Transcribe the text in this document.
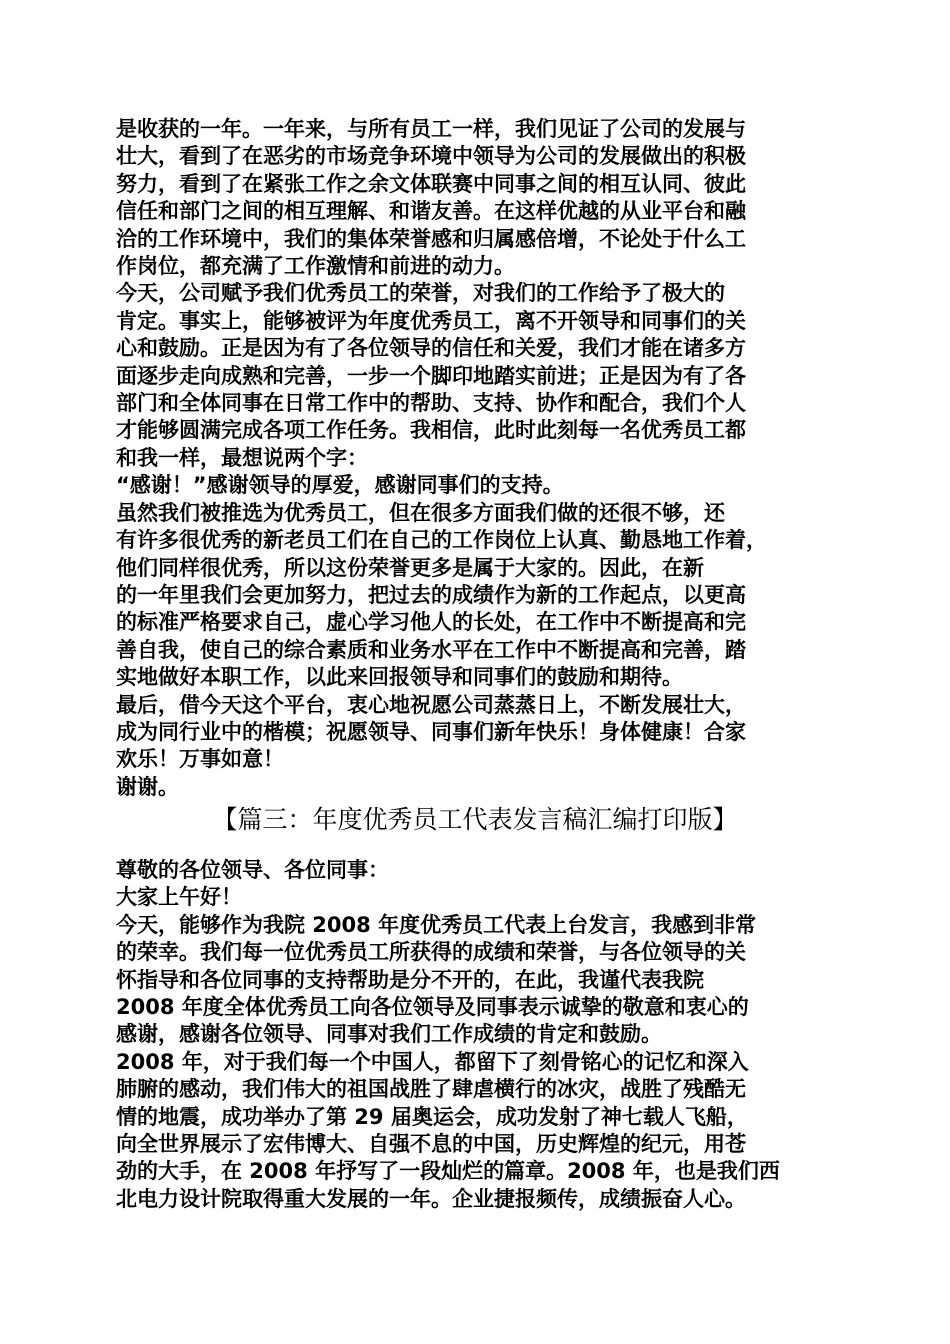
是收获的一年。一年来，与所有员工一样，我们见证了公司的发展与
壮大，看到了在恶劣的市场竞争环境中领导为公司的发展做出的积极
努力，看到了在紧张工作之余文体联赛中同事之间的相互认同、彼此
信任和部门之间的相互理解、和谐友善。在这样优越的从业平台和融
洽的工作环境中，我们的集体荣誉感和归属感倍增，不论处于什么工
作岗位，都充满了工作激情和前进的动力。
今天，公司赋予我们优秀员工的荣誉，对我们的工作给予了极大的
肯定。事实上，能够被评为年度优秀员工，离不开领导和同事们的关
心和鼓励。正是因为有了各位领导的信任和关爱，我们才能在诸多方
面逐步走向成熟和完善，一步一个脚印地踏实前进；正是因为有了各
部门和全体同事在日常工作中的帮助、支持、协作和配合，我们个人
才能够圆满完成各项工作任务。我相信，此时此刻每一名优秀员工都
和我一样，最想说两个字：
“感谢！”感谢领导的厚爱，感谢同事们的支持。
虽然我们被推选为优秀员工，但在很多方面我们做的还很不够，还
有许多很优秀的新老员工们在自己的工作岗位上认真、勤恳地工作着，
他们同样很优秀，所以这份荣誉更多是属于大家的。因此，在新
的一年里我们会更加努力，把过去的成绩作为新的工作起点，以更高
的标准严格要求自己，虚心学习他人的长处，在工作中不断提高和完
善自我，使自己的综合素质和业务水平在工作中不断提高和完善，踏
实地做好本职工作，以此来回报领导和同事们的鼓励和期待。
最后，借今天这个平台，衷心地祝愿公司蒸蒸日上，不断发展壮大，
成为同行业中的楷模；祝愿领导、同事们新年快乐！身体健康！合家
欢乐！万事如意！
谢谢。
【篇三：年度优秀员工代表发言稿汇编打印版】
尊敬的各位领导、各位同事：
大家上午好！
今天，能够作为我院 2008 年度优秀员工代表上台发言，我感到非常
的荣幸。我们每一位优秀员工所获得的成绩和荣誉，与各位领导的关
怀指导和各位同事的支持帮助是分不开的，在此，我谨代表我院
2008 年度全体优秀员工向各位领导及同事表示诚挚的敬意和衷心的
感谢，感谢各位领导、同事对我们工作成绩的肯定和鼓励。
2008 年，对于我们每一个中国人，都留下了刻骨铭心的记忆和深入
肺腑的感动，我们伟大的祖国战胜了肆虐横行的冰灾，战胜了残酷无
情的地震，成功举办了第 29 届奥运会，成功发射了神七载人飞船，
向全世界展示了宏伟博大、自强不息的中国，历史辉煌的纪元，用苍
劲的大手，在 2008 年抒写了一段灿烂的篇章。2008 年，也是我们西
北电力设计院取得重大发展的一年。企业捷报频传，成绩振奋人心。
